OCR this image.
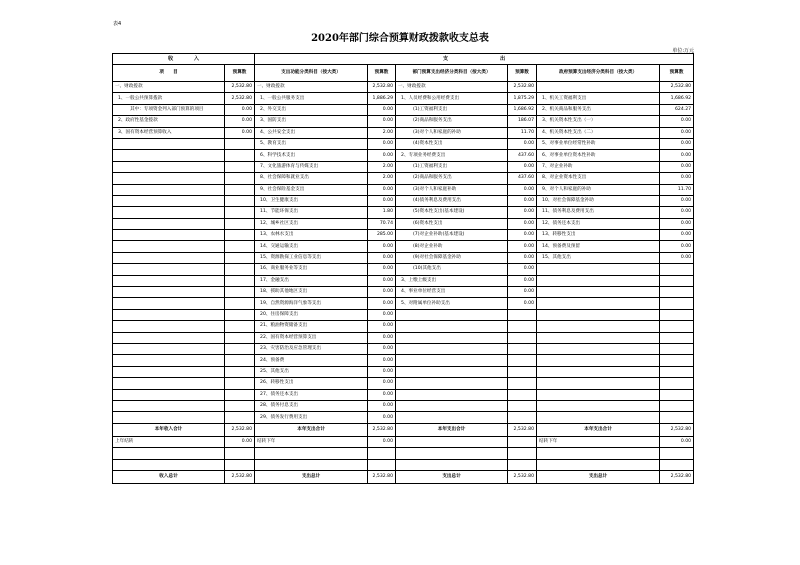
表4
2020年部门综合预算财政拨款收支总表
单位:万元
收　　　　入		支　　　　　　　　　　出					
项　　目	预算数	支出功能分类科目（按大类）	预算数	部门预算支出经济分类科目（按大类）	预算数	政府预算支出经济分类科目（按大类）	预算数
一、财政拨款	2,532.80	一、财政拨款	2,532.80	一、财政拨款	2,532.80		2,532.80
1、一般公共预算拨款	2,532.80	1、一般公共服务支出	1,886.29	1、人员经费和公用经费支出	1,875.29	1、机关工资福利支出	1,686.92
其中：专项资金列入部门预算的项目	0.00	2、外交支出	0.00	(1)工资福利支出	1,686.92	2、机关商品和服务支出	624.27
2、政府性基金拨款	0.00	3、国防支出	0.00	(2)商品和服务支出	186.07	3、机关资本性支出（一）	0.00
3、国有资本经营预算收入	0.00	4、公共安全支出	2.00	(3)对个人和家庭的补助	11.70	4、机关资本性支出（二）	0.00
		5、教育支出	0.00	(4)资本性支出	0.00	5、对事业单位经常性补助	0.00
		6、科学技术支出	0.00	2、专项业务经费支出	437.60	6、对事业单位资本性补助	0.00
		7、文化旅游体育与传媒支出	2.00	(1)工资福利支出	0.00	7、对企业补助	0.00
		8、社会保障和就业支出	2.00	(2)商品和服务支出	437.60	8、对企业资本性支出	0.00
		9、社会保险基金支出	0.00	(3)对个人和家庭补助	0.00	9、对个人和家庭的补助	11.70
		10、卫生健康支出	0.00	(4)债务利息及费用支出	0.00	10、对社会保障基金补助	0.00
		11、节能环保支出	1.80	(5)资本性支出(基本建设)	0.00	11、债务利息及费用支出	0.00
		12、城乡社区支出	70.74	(6)资本性支出	0.00	12、债务还本支出	0.00
		13、农林水支出	285.00	(7)对企业补助(基本建设)	0.00	13、转移性支出	0.00
		14、交通运输支出	0.00	(8)对企业补助	0.00	14、预备费及预留	0.00
		15、资源勘探工业信息等支出	0.00	(9)对社会保障基金补助	0.00	15、其他支出	0.00
		16、商业服务业等支出	0.00	(10)其他支出	0.00		
		17、金融支出	0.00	3、上缴上级支出	0.00		
		18、援助其他地区支出	0.00	4、事业单位经营支出	0.00		
		19、自然资源海洋气象等支出	0.00	5、对附属单位补助支出	0.00		
		20、住房保障支出	0.00				
		21、粮油物资储备支出	0.00				
		22、国有资本经营预算支出	0.00				
		23、灾害防治及应急管理支出	0.00				
		24、预备费	0.00				
		25、其他支出	0.00				
		26、转移性支出	0.00				
		27、债务还本支出	0.00				
		28、债务付息支出	0.00				
		29、债务发行费用支出	0.00				
本年收入合计	2,532.80	本年支出合计	2,532.80	本年支出合计	2,532.80	本年支出合计	2,532.80
上年结转	0.00	结转下年	0.00			结转下年	0.00

收入总计	2,532.80	支出总计	2,532.80	支出总计	2,532.80	支出总计	2,532.80
